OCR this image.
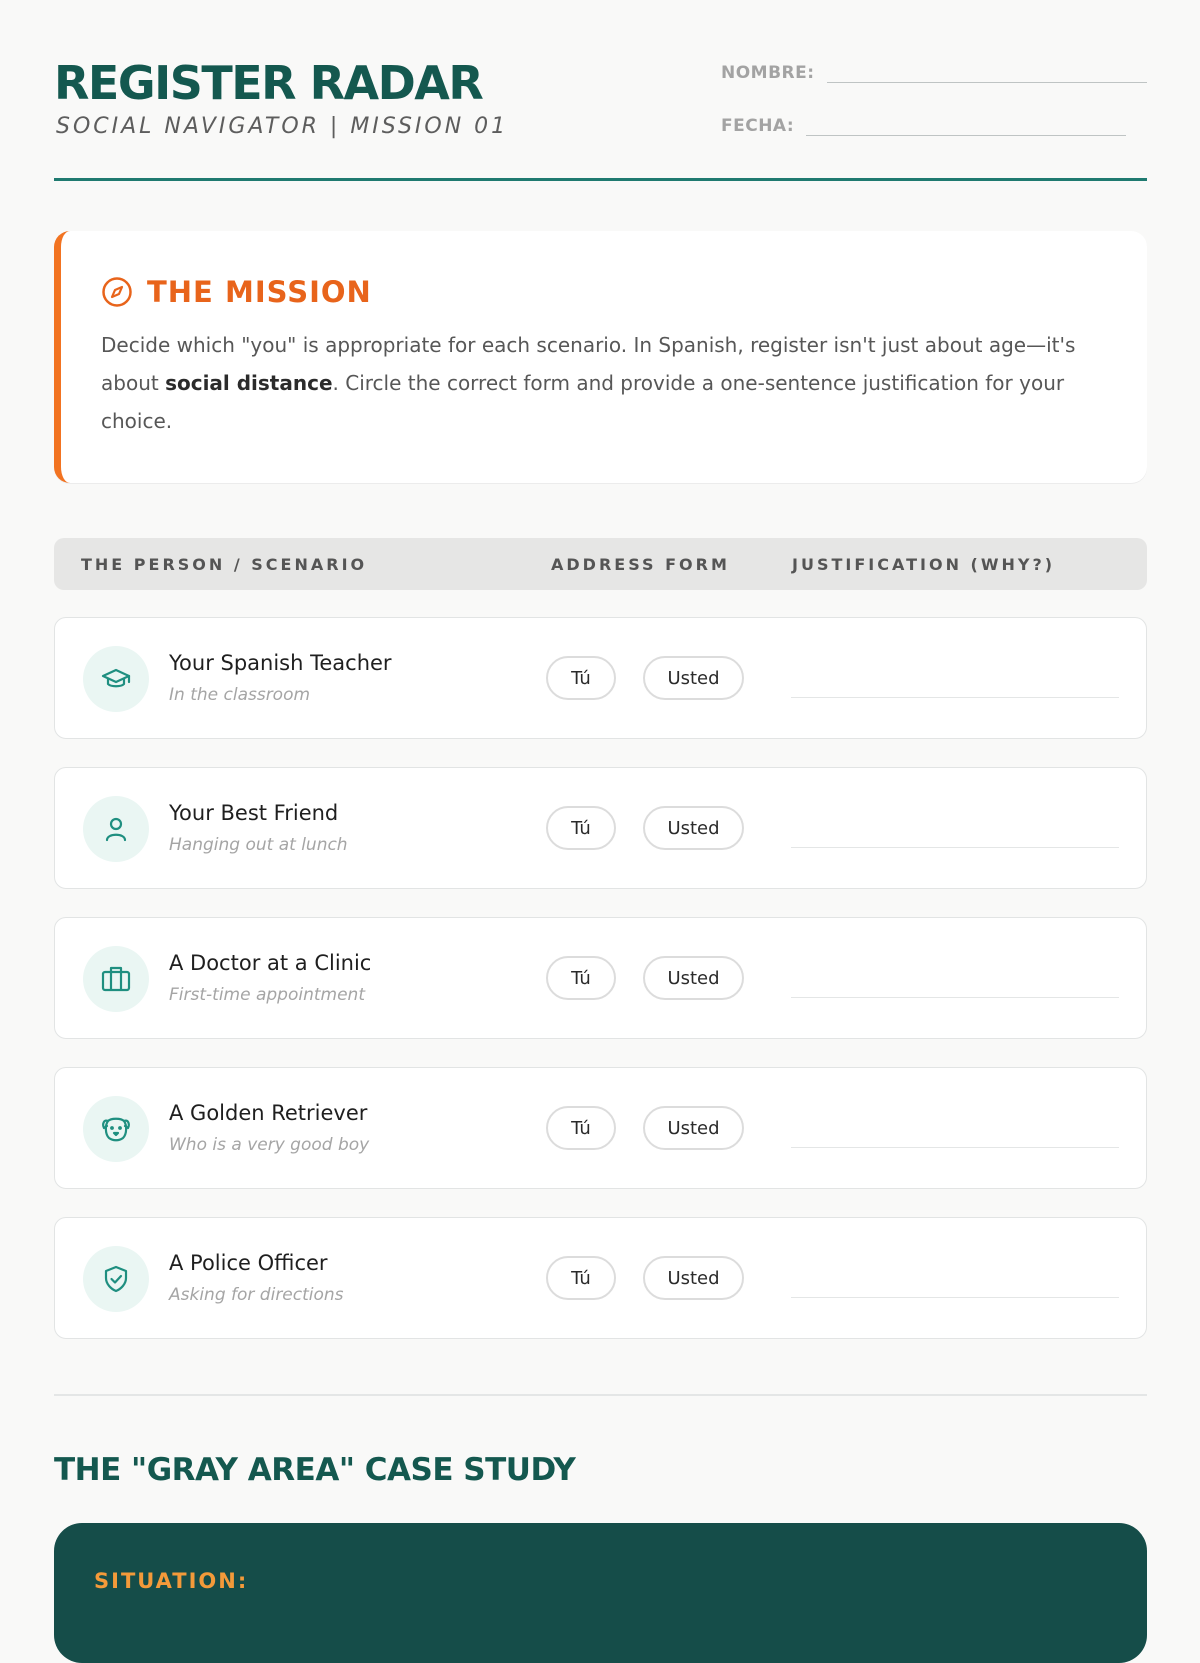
REGISTER RADAR
SOCIAL NAVIGATOR | MISSION 01
NOMBRE:
FECHA:
THE MISSION

Decide which "you" is appropriate for each scenario. In Spanish, register isn't just about age—it's about social distance. Circle the correct form and provide a one-sentence justification for your choice.

THE PERSON / SCENARIO	ADDRESS FORM	JUSTIFICATION (WHY?)
Your Spanish Teacher
In the classroom
Tú	Usted
Your Best Friend
Hanging out at lunch
Tú	Usted
A Doctor at a Clinic
First-time appointment
Tú	Usted
A Golden Retriever
Who is a very good boy
Tú	Usted
A Police Officer
Asking for directions
Tú	Usted
THE "GRAY AREA" CASE STUDY
SITUATION:
